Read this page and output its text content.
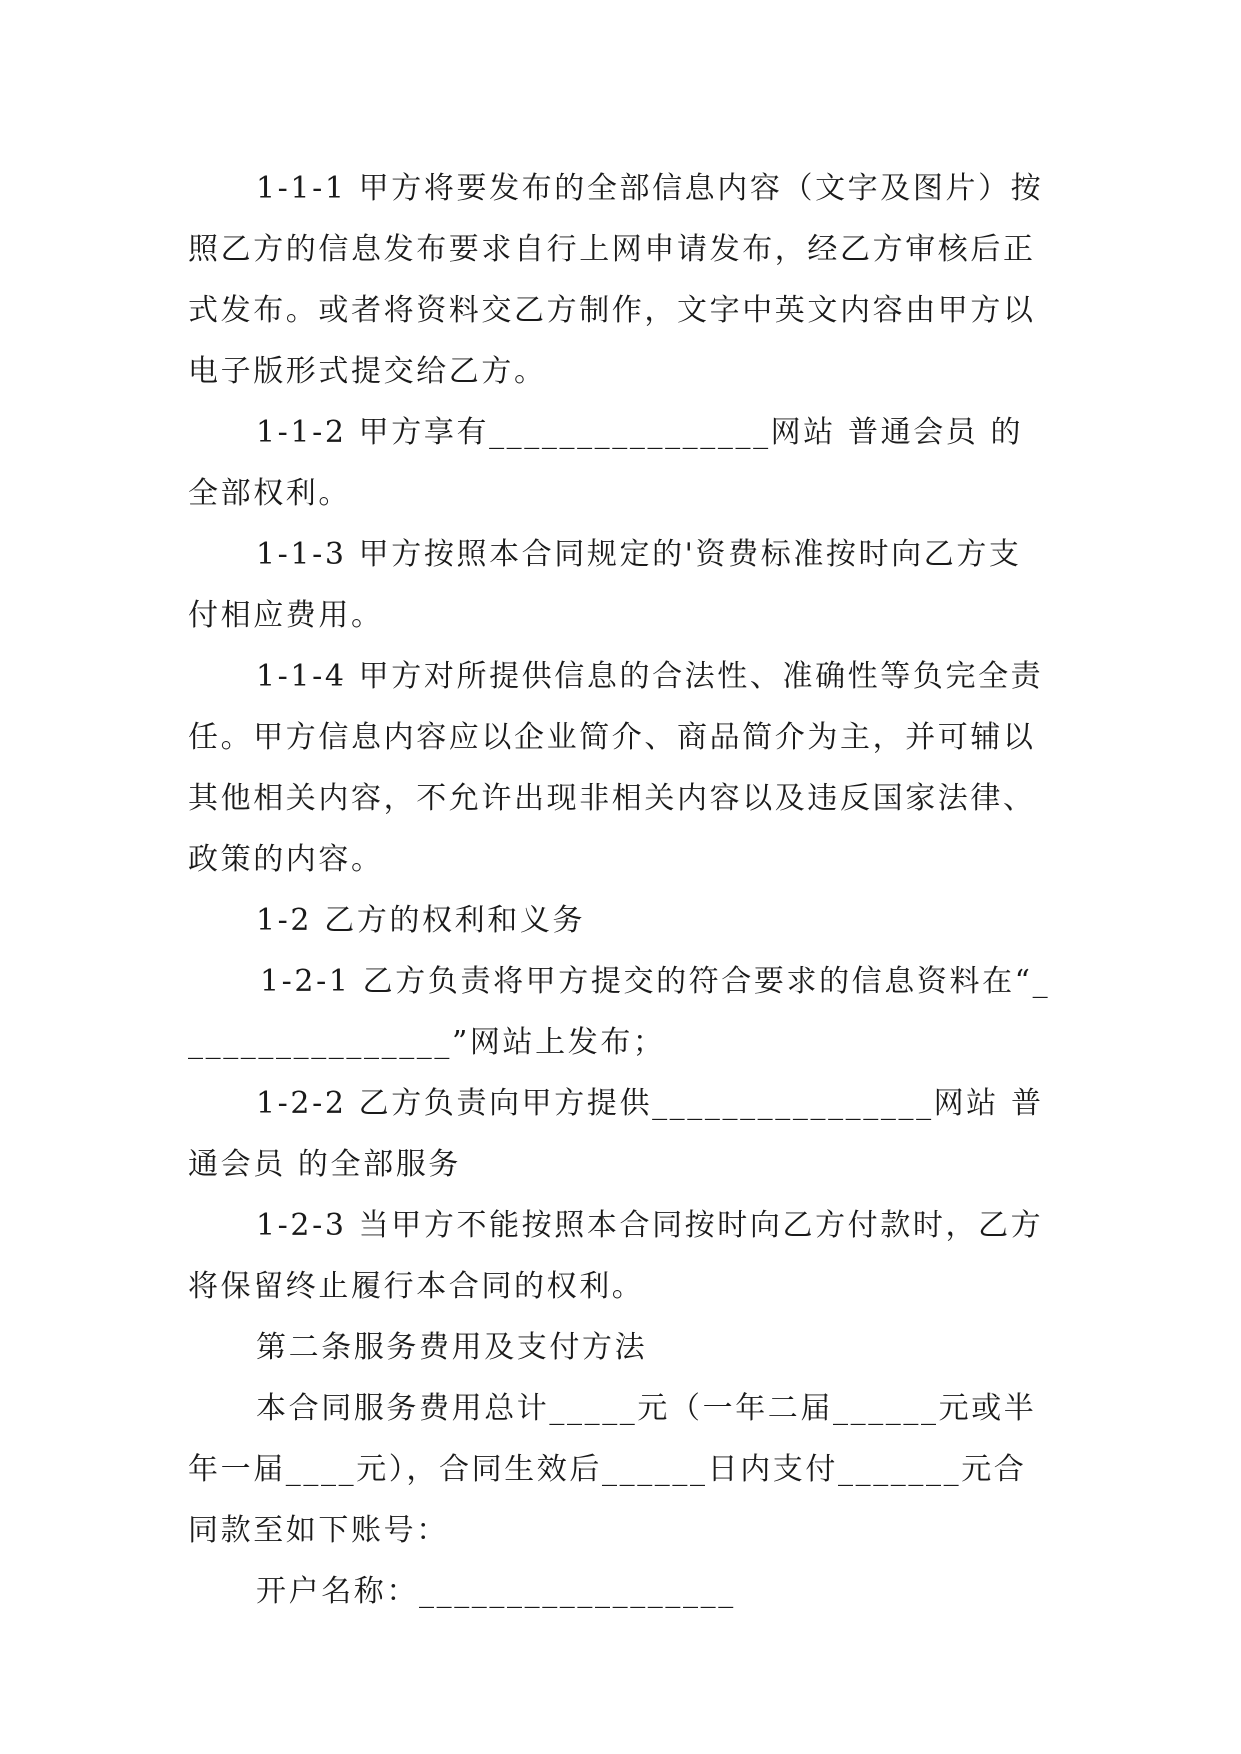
1-1-1 甲方将要发布的全部信息内容（文字及图片）按照乙方的信息发布要求自行上网申请发布，经乙方审核后正式发布。或者将资料交乙方制作，文字中英文内容由甲方以电子版形式提交给乙方。

1-1-2 甲方享有________________网站 普通会员 的全部权利。

1-1-3 甲方按照本合同规定的'资费标准按时向乙方支付相应费用。

1-1-4 甲方对所提供信息的合法性、准确性等负完全责任。甲方信息内容应以企业简介、商品简介为主，并可辅以其他相关内容，不允许出现非相关内容以及违反国家法律、政策的内容。

1-2 乙方的权利和义务

1-2-1 乙方负责将甲方提交的符合要求的信息资料在“________________”网站上发布；

1-2-2 乙方负责向甲方提供________________网站 普通会员 的全部服务

1-2-3 当甲方不能按照本合同按时向乙方付款时，乙方将保留终止履行本合同的权利。

第二条服务费用及支付方法

本合同服务费用总计_____元（一年二届______元或半年一届____元），合同生效后______日内支付_______元合同款至如下账号：

开户名称：__________________
